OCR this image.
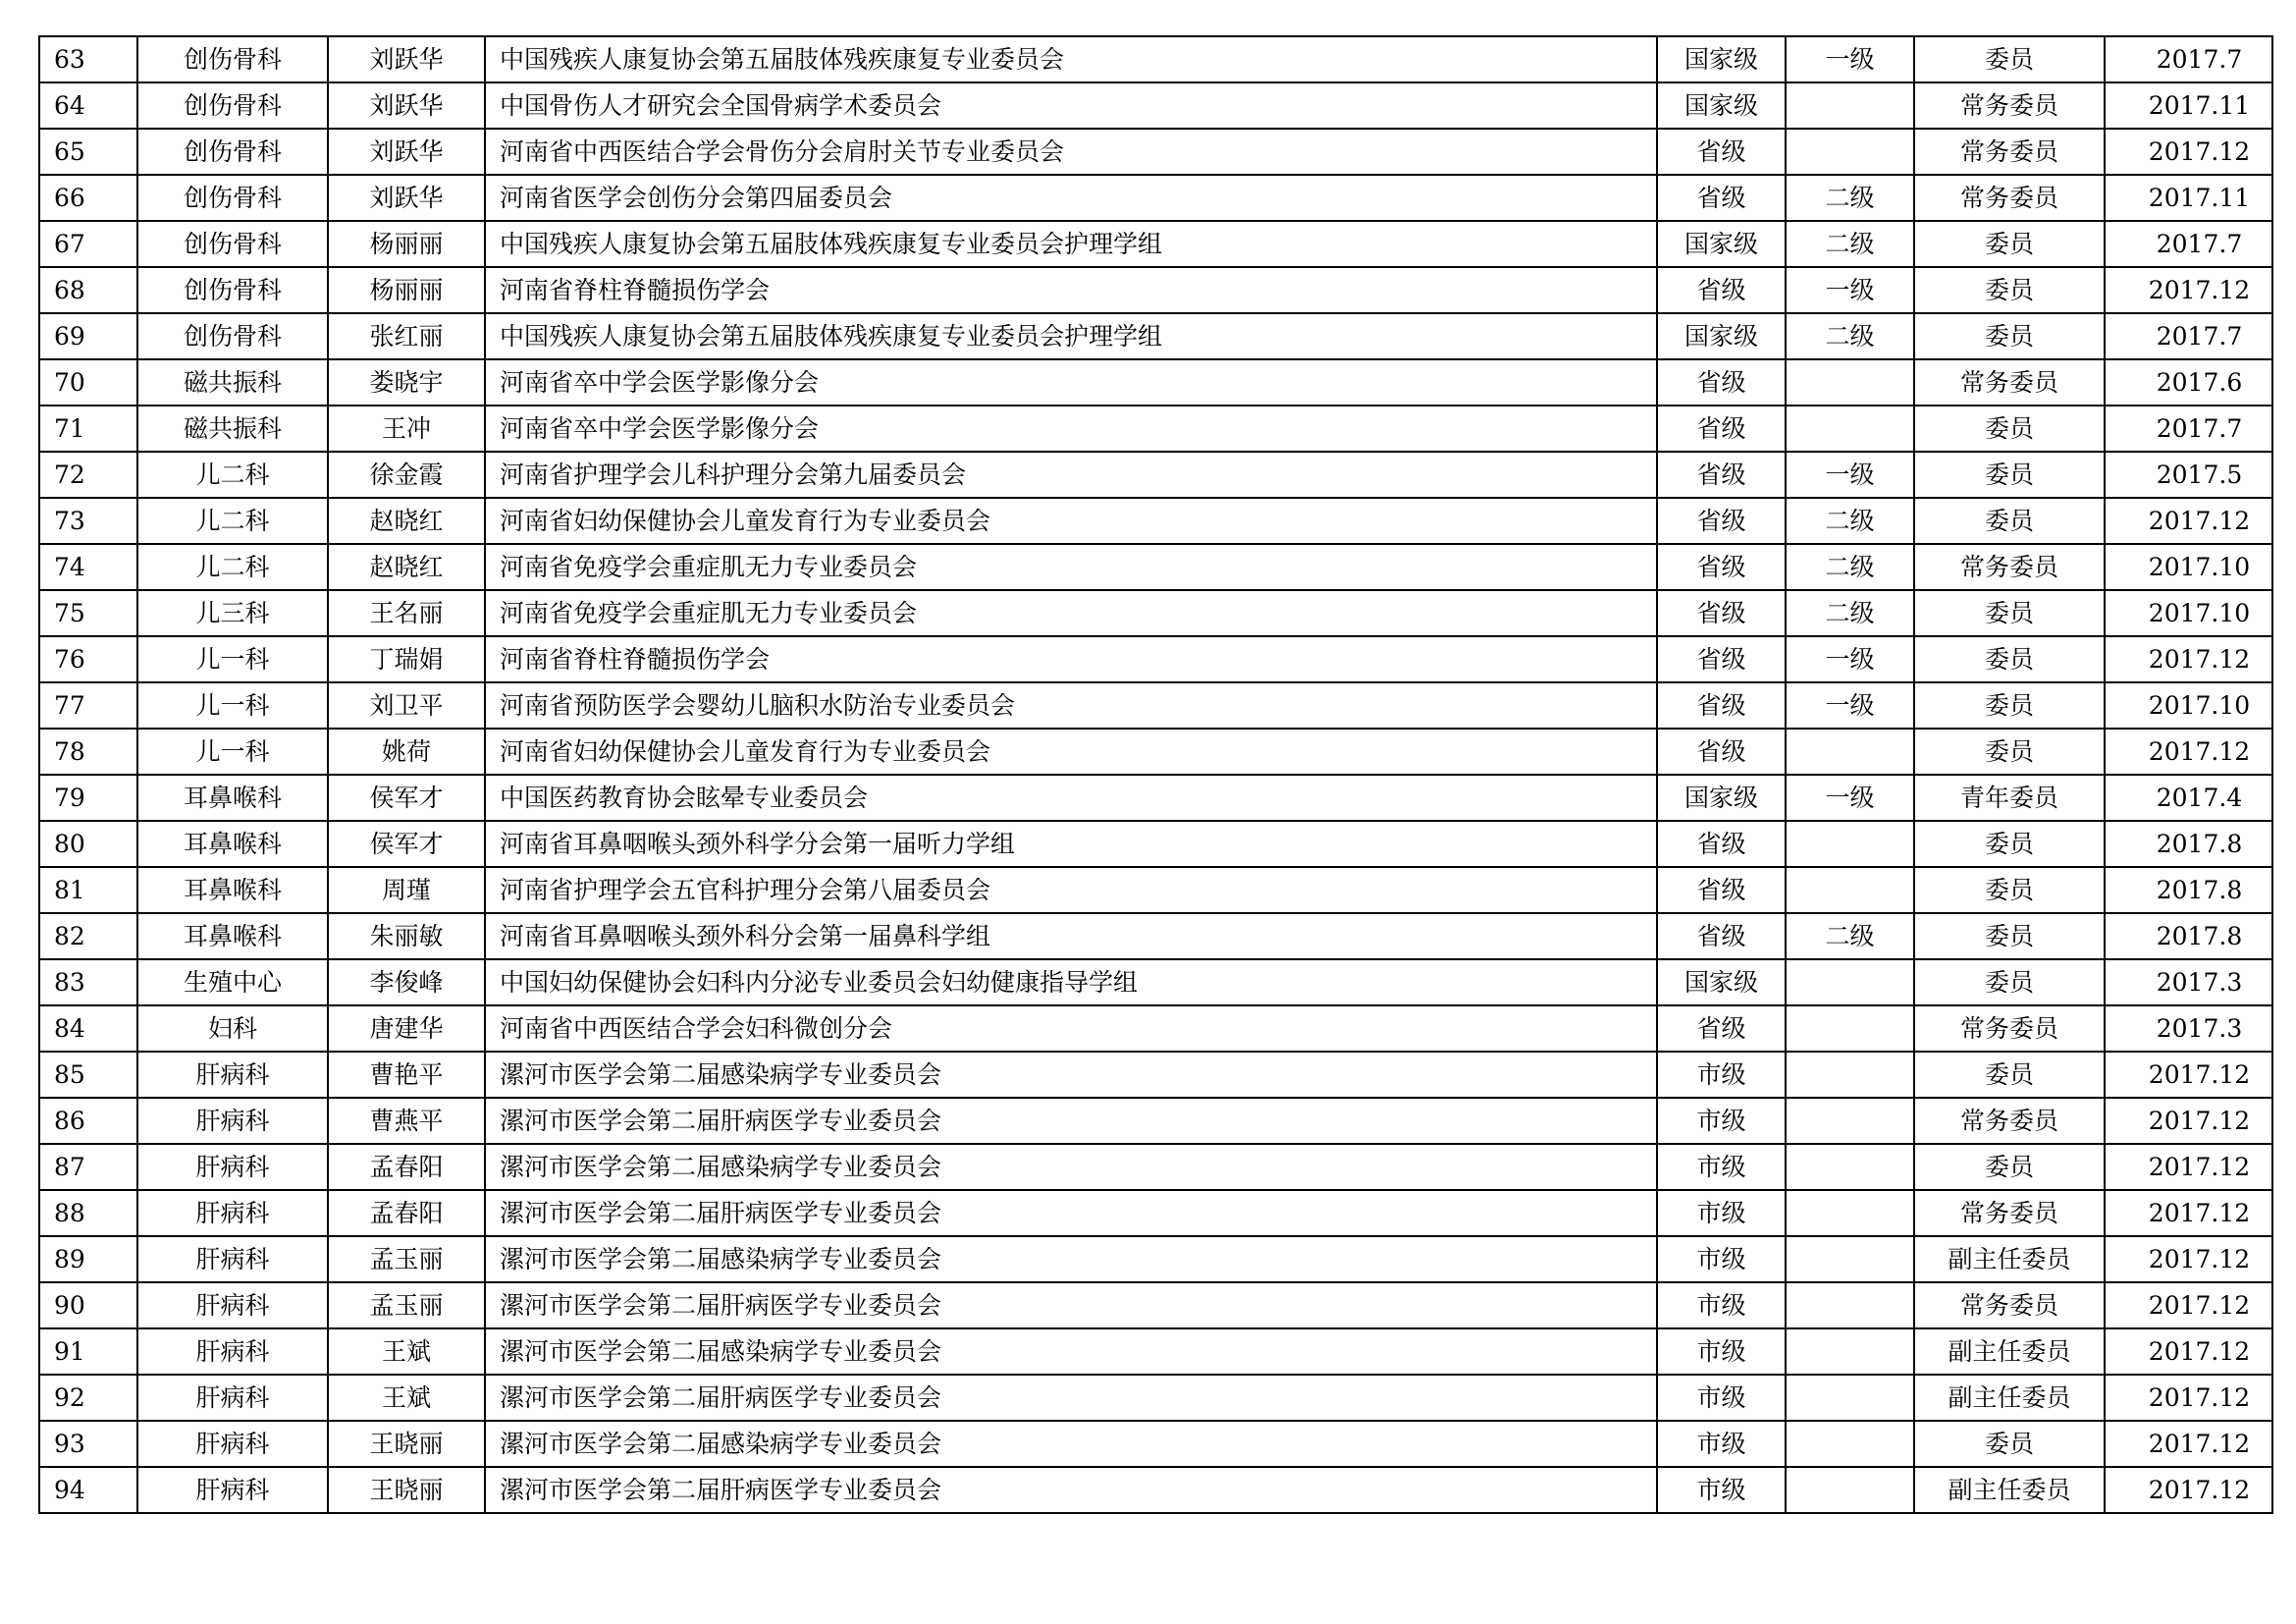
63	创伤骨科	刘跃华	中国残疾人康复协会第五届肢体残疾康复专业委员会	国家级	一级	委员	2017.7
64	创伤骨科	刘跃华	中国骨伤人才研究会全国骨病学术委员会	国家级		常务委员	2017.11
65	创伤骨科	刘跃华	河南省中西医结合学会骨伤分会肩肘关节专业委员会	省级		常务委员	2017.12
66	创伤骨科	刘跃华	河南省医学会创伤分会第四届委员会	省级	二级	常务委员	2017.11
67	创伤骨科	杨丽丽	中国残疾人康复协会第五届肢体残疾康复专业委员会护理学组	国家级	二级	委员	2017.7
68	创伤骨科	杨丽丽	河南省脊柱脊髓损伤学会	省级	一级	委员	2017.12
69	创伤骨科	张红丽	中国残疾人康复协会第五届肢体残疾康复专业委员会护理学组	国家级	二级	委员	2017.7
70	磁共振科	娄晓宇	河南省卒中学会医学影像分会	省级		常务委员	2017.6
71	磁共振科	王冲	河南省卒中学会医学影像分会	省级		委员	2017.7
72	儿二科	徐金霞	河南省护理学会儿科护理分会第九届委员会	省级	一级	委员	2017.5
73	儿二科	赵晓红	河南省妇幼保健协会儿童发育行为专业委员会	省级	二级	委员	2017.12
74	儿二科	赵晓红	河南省免疫学会重症肌无力专业委员会	省级	二级	常务委员	2017.10
75	儿三科	王名丽	河南省免疫学会重症肌无力专业委员会	省级	二级	委员	2017.10
76	儿一科	丁瑞娟	河南省脊柱脊髓损伤学会	省级	一级	委员	2017.12
77	儿一科	刘卫平	河南省预防医学会婴幼儿脑积水防治专业委员会	省级	一级	委员	2017.10
78	儿一科	姚荷	河南省妇幼保健协会儿童发育行为专业委员会	省级		委员	2017.12
79	耳鼻喉科	侯军才	中国医药教育协会眩晕专业委员会	国家级	一级	青年委员	2017.4
80	耳鼻喉科	侯军才	河南省耳鼻咽喉头颈外科学分会第一届听力学组	省级		委员	2017.8
81	耳鼻喉科	周瑾	河南省护理学会五官科护理分会第八届委员会	省级		委员	2017.8
82	耳鼻喉科	朱丽敏	河南省耳鼻咽喉头颈外科分会第一届鼻科学组	省级	二级	委员	2017.8
83	生殖中心	李俊峰	中国妇幼保健协会妇科内分泌专业委员会妇幼健康指导学组	国家级		委员	2017.3
84	妇科	唐建华	河南省中西医结合学会妇科微创分会	省级		常务委员	2017.3
85	肝病科	曹艳平	漯河市医学会第二届感染病学专业委员会	市级		委员	2017.12
86	肝病科	曹燕平	漯河市医学会第二届肝病医学专业委员会	市级		常务委员	2017.12
87	肝病科	孟春阳	漯河市医学会第二届感染病学专业委员会	市级		委员	2017.12
88	肝病科	孟春阳	漯河市医学会第二届肝病医学专业委员会	市级		常务委员	2017.12
89	肝病科	孟玉丽	漯河市医学会第二届感染病学专业委员会	市级		副主任委员	2017.12
90	肝病科	孟玉丽	漯河市医学会第二届肝病医学专业委员会	市级		常务委员	2017.12
91	肝病科	王斌	漯河市医学会第二届感染病学专业委员会	市级		副主任委员	2017.12
92	肝病科	王斌	漯河市医学会第二届肝病医学专业委员会	市级		副主任委员	2017.12
93	肝病科	王晓丽	漯河市医学会第二届感染病学专业委员会	市级		委员	2017.12
94	肝病科	王晓丽	漯河市医学会第二届肝病医学专业委员会	市级		副主任委员	2017.12
